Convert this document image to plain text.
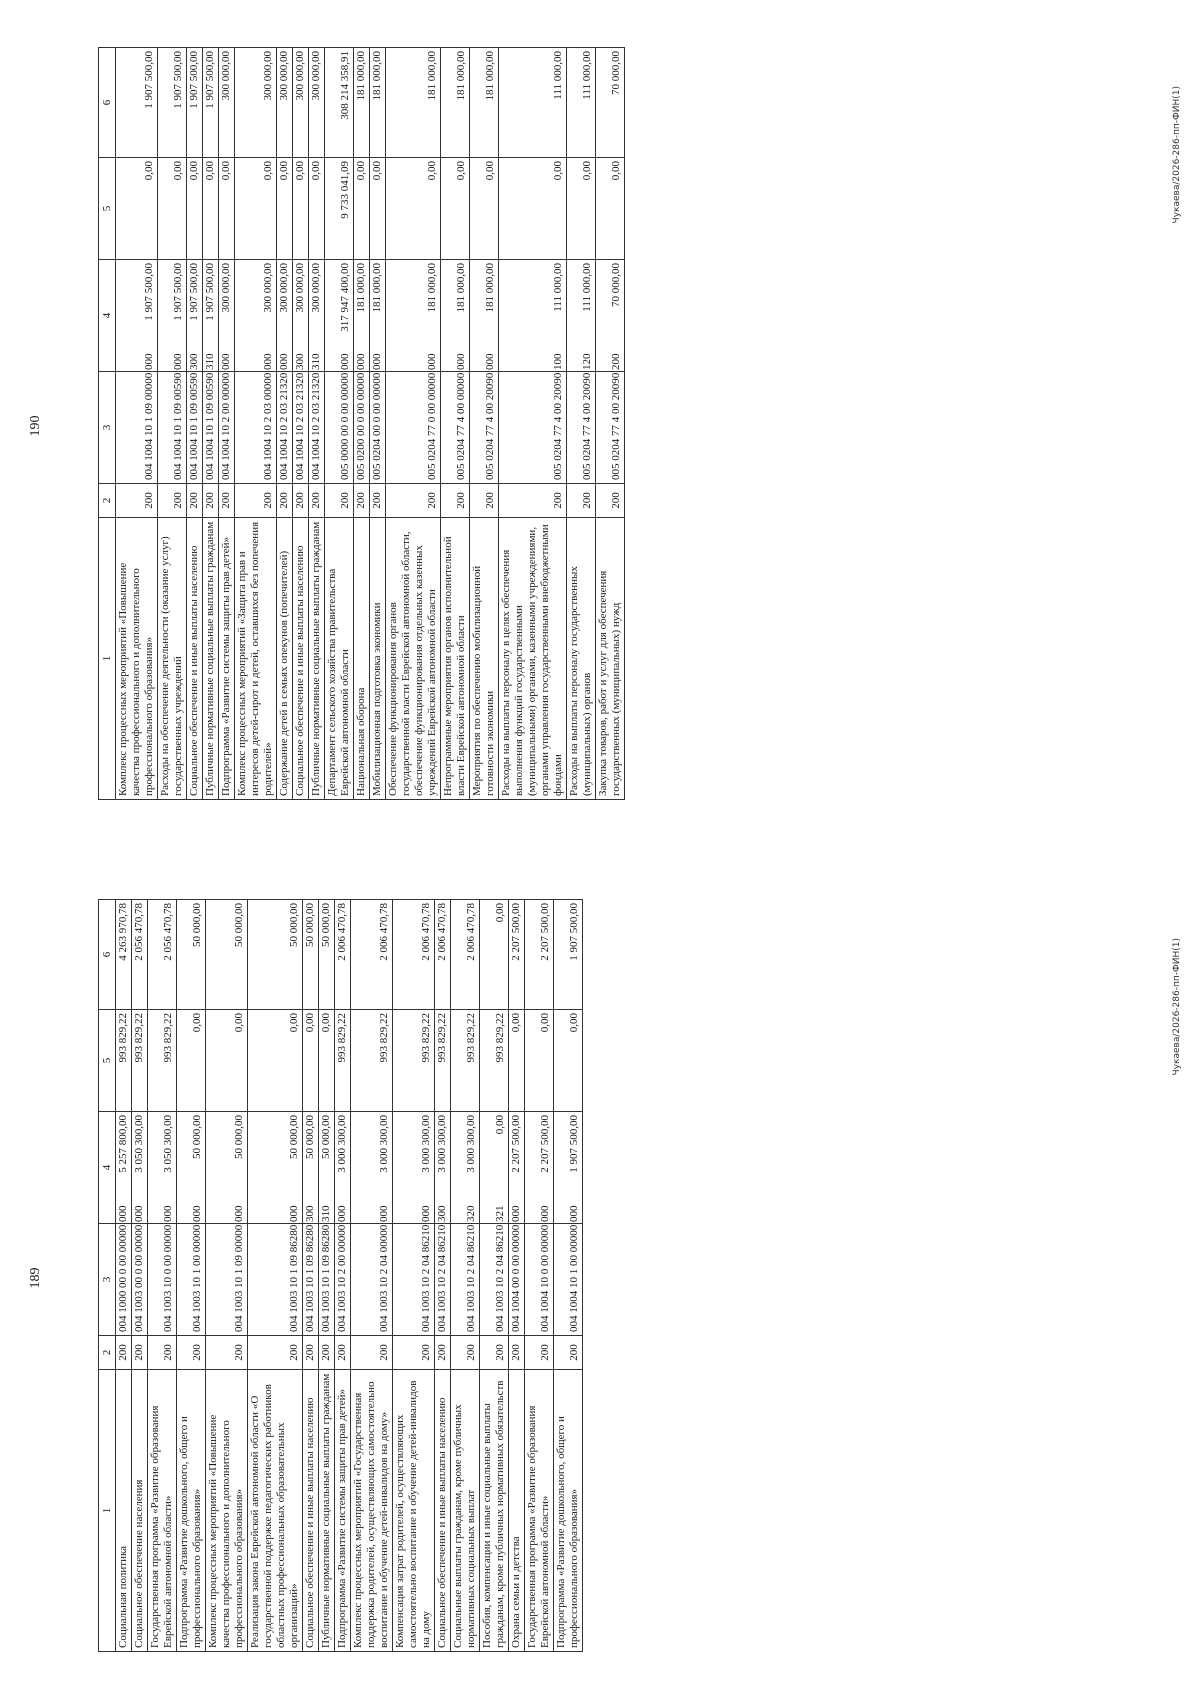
190
1	2	3	4	5	6
Комплекс процессных мероприятий «Повышение качества профессионального и дополнительного профессионального образования»	200	004 1004 10 1 09 00000 000	1 907 500,00	0,00	1 907 500,00
Расходы на обеспечение деятельности (оказание услуг) государственных учреждений	200	004 1004 10 1 09 00590 000	1 907 500,00	0,00	1 907 500,00
Социальное обеспечение и иные выплаты населению	200	004 1004 10 1 09 00590 300	1 907 500,00	0,00	1 907 500,00
Публичные нормативные социальные выплаты гражданам	200	004 1004 10 1 09 00590 310	1 907 500,00	0,00	1 907 500,00
Подпрограмма «Развитие системы защиты прав детей»	200	004 1004 10 2 00 00000 000	300 000,00	0,00	300 000,00
Комплекс процессных мероприятий «Защита прав и интересов детей-сирот и детей, оставшихся без попечения родителей»	200	004 1004 10 2 03 00000 000	300 000,00	0,00	300 000,00
Содержание детей в семьях опекунов (попечителей)	200	004 1004 10 2 03 21320 000	300 000,00	0,00	300 000,00
Социальное обеспечение и иные выплаты населению	200	004 1004 10 2 03 21320 300	300 000,00	0,00	300 000,00
Публичные нормативные социальные выплаты гражданам	200	004 1004 10 2 03 21320 310	300 000,00	0,00	300 000,00
Департамент сельского хозяйства правительства Еврейской автономной области	200	005 0000 00 0 00 00000 000	317 947 400,00	9 733 041,09	308 214 358,91
Национальная оборона	200	005 0200 00 0 00 00000 000	181 000,00	0,00	181 000,00
Мобилизационная подготовка экономики	200	005 0204 00 0 00 00000 000	181 000,00	0,00	181 000,00
Обеспечение функционирования органов государственной власти Еврейской автономной области, обеспечение функционирования отдельных казенных учреждений Еврейской автономной области	200	005 0204 77 0 00 00000 000	181 000,00	0,00	181 000,00
Непрограммные мероприятия органов исполнительной власти Еврейской автономной области	200	005 0204 77 4 00 00000 000	181 000,00	0,00	181 000,00
Мероприятия по обеспечению мобилизационной готовности экономики	200	005 0204 77 4 00 20090 000	181 000,00	0,00	181 000,00
Расходы на выплаты персоналу в целях обеспечения выполнения функций государственными (муниципальными) органами, казенными учреждениями, органами управления государственными внебюджетными фондами	200	005 0204 77 4 00 20090 100	111 000,00	0,00	111 000,00
Расходы на выплаты персоналу государственных (муниципальных) органов	200	005 0204 77 4 00 20090 120	111 000,00	0,00	111 000,00
Закупка товаров, работ и услуг для обеспечения государственных (муниципальных) нужд	200	005 0204 77 4 00 20090 200	70 000,00	0,00	70 000,00
Чукаева/2026-286-пп-ФИН(1)
189
1	2	3	4	5	6
Социальная политика	200	004 1000 00 0 00 00000 000	5 257 800,00	993 829,22	4 263 970,78
Социальное обеспечение населения	200	004 1003 00 0 00 00000 000	3 050 300,00	993 829,22	2 056 470,78
Государственная программа «Развитие образования Еврейской автономной области»	200	004 1003 10 0 00 00000 000	3 050 300,00	993 829,22	2 056 470,78
Подпрограмма «Развитие дошкольного, общего и профессионального образования»	200	004 1003 10 1 00 00000 000	50 000,00	0,00	50 000,00
Комплекс процессных мероприятий «Повышение качества профессионального и дополнительного профессионального образования»	200	004 1003 10 1 09 00000 000	50 000,00	0,00	50 000,00
Реализация закона Еврейской автономной области «О государственной поддержке педагогических работников областных профессиональных образовательных организаций»	200	004 1003 10 1 09 86280 000	50 000,00	0,00	50 000,00
Социальное обеспечение и иные выплаты населению	200	004 1003 10 1 09 86280 300	50 000,00	0,00	50 000,00
Публичные нормативные социальные выплаты гражданам	200	004 1003 10 1 09 86280 310	50 000,00	0,00	50 000,00
Подпрограмма «Развитие системы защиты прав детей»	200	004 1003 10 2 00 00000 000	3 000 300,00	993 829,22	2 006 470,78
Комплекс процессных мероприятий «Государственная поддержка родителей, осуществляющих самостоятельно воспитание и обучение детей-инвалидов на дому»	200	004 1003 10 2 04 00000 000	3 000 300,00	993 829,22	2 006 470,78
Компенсация затрат родителей, осуществляющих самостоятельно воспитание и обучение детей-инвалидов на дому	200	004 1003 10 2 04 86210 000	3 000 300,00	993 829,22	2 006 470,78
Социальное обеспечение и иные выплаты населению	200	004 1003 10 2 04 86210 300	3 000 300,00	993 829,22	2 006 470,78
Социальные выплаты гражданам, кроме публичных нормативных социальных выплат	200	004 1003 10 2 04 86210 320	3 000 300,00	993 829,22	2 006 470,78
Пособия, компенсации и иные социальные выплаты гражданам, кроме публичных нормативных обязательств	200	004 1003 10 2 04 86210 321	0,00	993 829,22	0,00
Охрана семьи и детства	200	004 1004 00 0 00 00000 000	2 207 500,00	0,00	2 207 500,00
Государственная программа «Развитие образования Еврейской автономной области»	200	004 1004 10 0 00 00000 000	2 207 500,00	0,00	2 207 500,00
Подпрограмма «Развитие дошкольного, общего и профессионального образования»	200	004 1004 10 1 00 00000 000	1 907 500,00	0,00	1 907 500,00
Чукаева/2026-286-пп-ФИН(1)
